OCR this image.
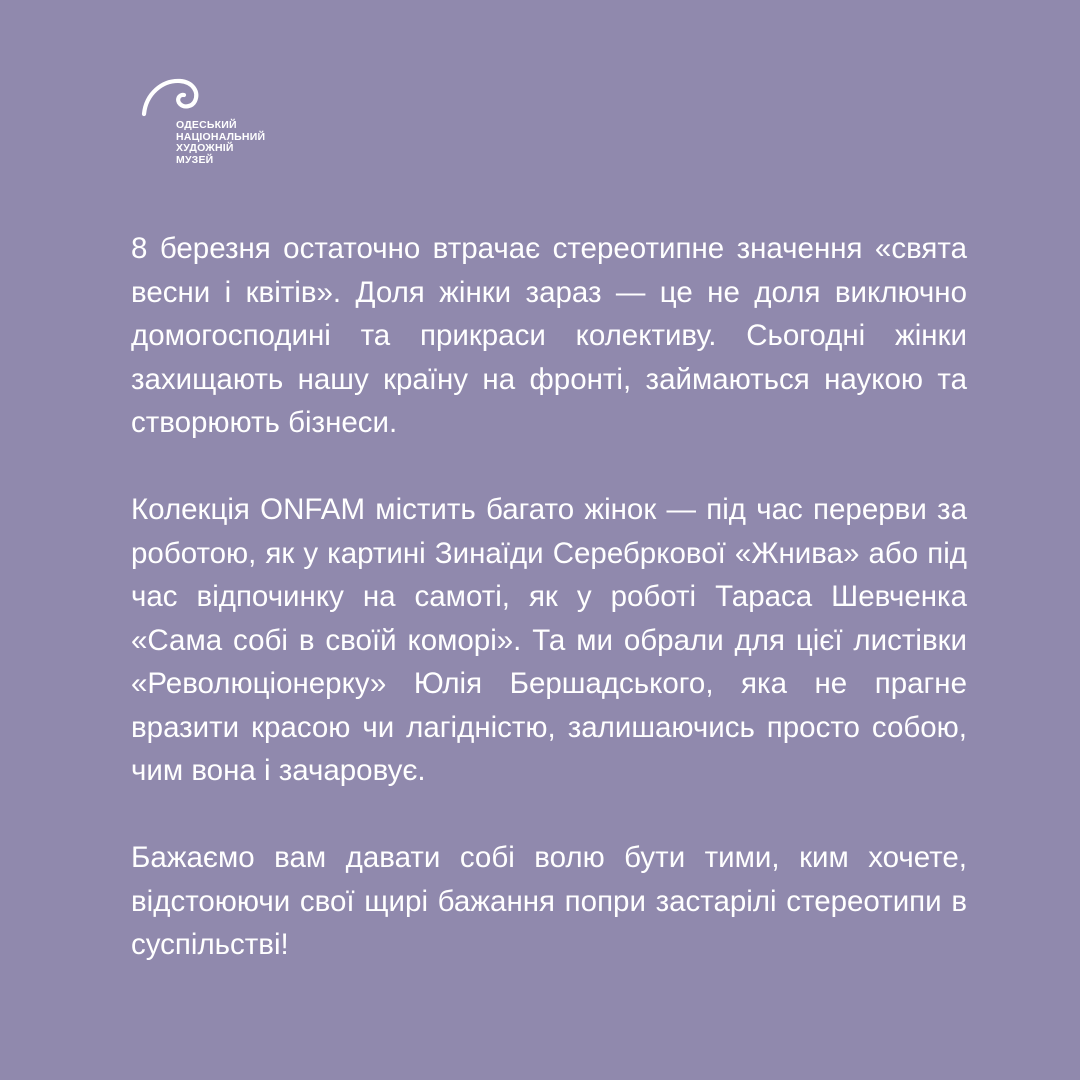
ОДЕСЬКИЙ
НАЦІОНАЛЬНИЙ
ХУДОЖНІЙ
МУЗЕЙ

8 березня остаточно втрачає стереотипне значення «свята весни і квітів». Доля жінки зараз — це не доля виключно домогосподині та прикраси колективу. Сьогодні жінки захищають нашу країну на фронті, займаються наукою та створюють бізнеси.

Колекція ONFAM містить багато жінок — під час перерви за роботою, як у картині Зинаїди Серебркової «Жнива» або під час відпочинку на самоті, як у роботі Тараса Шевченка «Сама собі в своїй коморі». Та ми обрали для цієї листівки «Революціонерку» Юлія Бершадського, яка не прагне вразити красою чи лагідністю, залишаючись просто собою, чим вона і зачаровує.

Бажаємо вам давати собі волю бути тими, ким хочете, відстоюючи свої щирі бажання попри застарілі стереотипи в суспільстві!
